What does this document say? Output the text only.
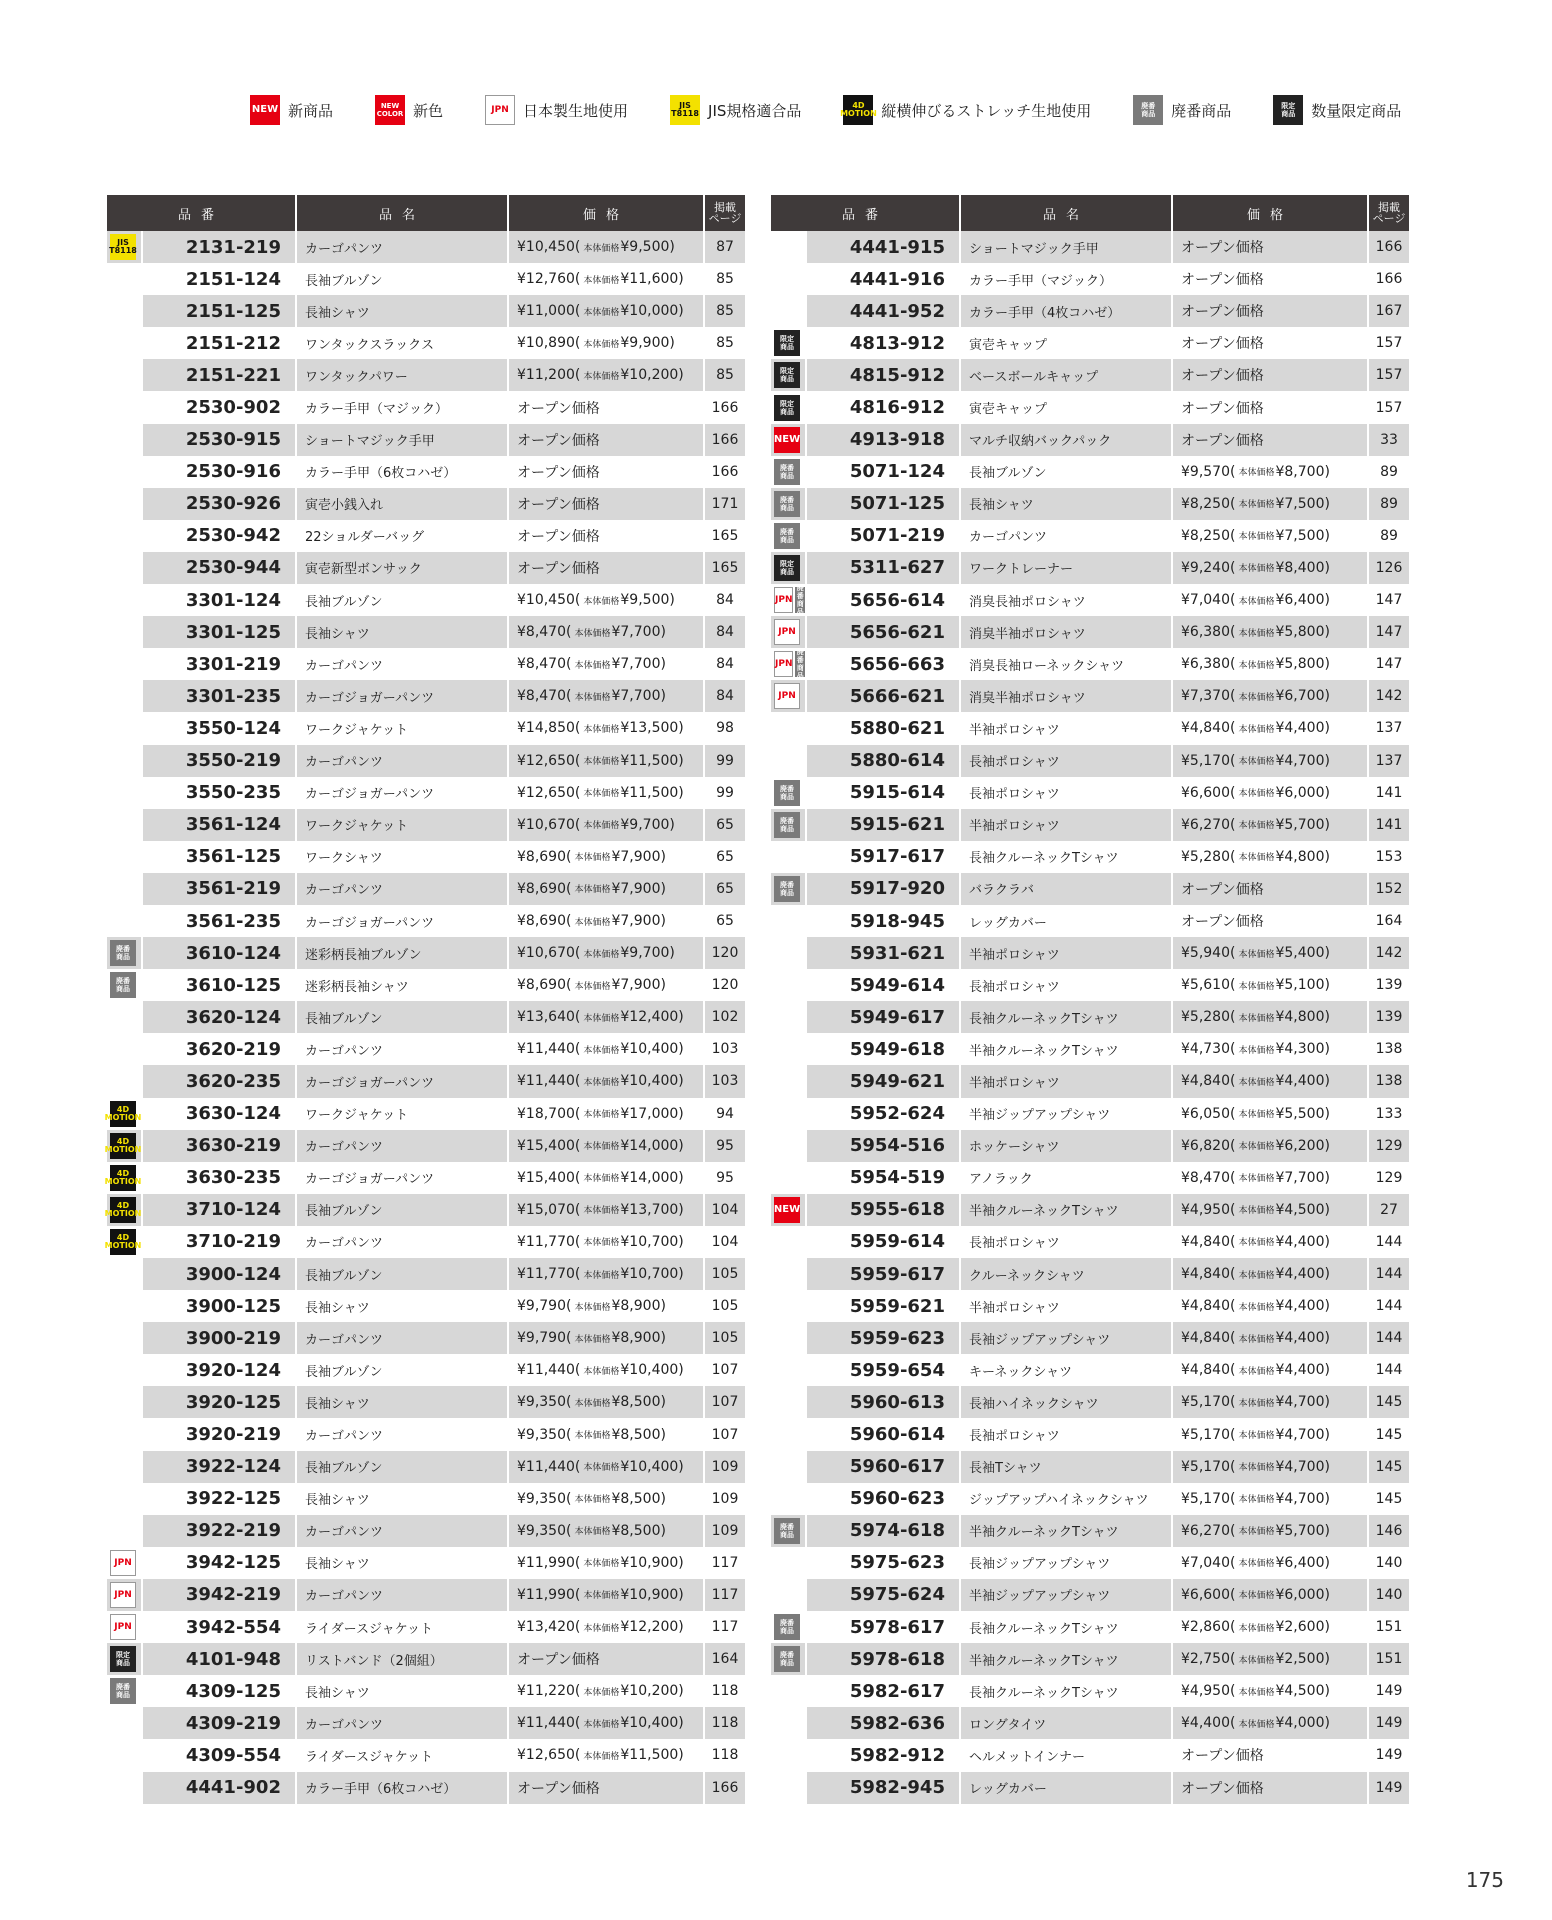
NEW 新商品	NEW
COLOR 新色	JPN 日本製生地使用	JIS
T8118 JIS規格適合品	4D
MOTION 縦横伸びるストレッチ生地使用	廃番
商品	廃番商品	限定
商品	数量限定商品
品番	品名	価格	掲載
ページ
JIS
T8118	2131-219	カーゴパンツ	¥10,450 ( 本体価格 ¥9,500 )	87
2151-124	長袖ブルゾン	¥12,760 ( 本体価格 ¥11,600 )	85
2151-125	長袖シャツ	¥11,000 ( 本体価格 ¥10,000 )	85
2151-212	ワンタックスラックス	¥10,890 ( 本体価格 ¥9,900 )	85
2151-221	ワンタックパワー	¥11,200 ( 本体価格 ¥10,200 )	85
2530-902	カラー手甲（マジック）	オープン価格	166
2530-915	ショートマジック手甲	オープン価格	166
2530-916	カラー手甲（6枚コハゼ）	オープン価格	166
2530-926	寅壱小銭入れ	オープン価格	171
2530-942	22ショルダーバッグ	オープン価格	165
2530-944	寅壱新型ボンサック	オープン価格	165
3301-124	長袖ブルゾン	¥10,450 ( 本体価格 ¥9,500 )	84
3301-125	長袖シャツ	¥8,470 ( 本体価格 ¥7,700 )	84
3301-219	カーゴパンツ	¥8,470 ( 本体価格 ¥7,700 )	84
3301-235	カーゴジョガーパンツ	¥8,470 ( 本体価格 ¥7,700 )	84
3550-124	ワークジャケット	¥14,850 ( 本体価格 ¥13,500 )	98
3550-219	カーゴパンツ	¥12,650 ( 本体価格 ¥11,500 )	99
3550-235	カーゴジョガーパンツ	¥12,650 ( 本体価格 ¥11,500 )	99
3561-124	ワークジャケット	¥10,670 ( 本体価格 ¥9,700 )	65
3561-125	ワークシャツ	¥8,690 ( 本体価格 ¥7,900 )	65
3561-219	カーゴパンツ	¥8,690 ( 本体価格 ¥7,900 )	65
3561-235	カーゴジョガーパンツ	¥8,690 ( 本体価格 ¥7,900 )	65
廃番
商品	3610-124	迷彩柄長袖ブルゾン	¥10,670 ( 本体価格 ¥9,700 )	120
廃番
商品	3610-125	迷彩柄長袖シャツ	¥8,690 ( 本体価格 ¥7,900 )	120
3620-124	長袖ブルゾン	¥13,640 ( 本体価格 ¥12,400 )	102
3620-219	カーゴパンツ	¥11,440 ( 本体価格 ¥10,400 )	103
3620-235	カーゴジョガーパンツ	¥11,440 ( 本体価格 ¥10,400 )	103
4D
MOTION	3630-124	ワークジャケット	¥18,700 ( 本体価格 ¥17,000 )	94
4D
MOTION	3630-219	カーゴパンツ	¥15,400 ( 本体価格 ¥14,000 )	95
4D
MOTION	3630-235	カーゴジョガーパンツ	¥15,400 ( 本体価格 ¥14,000 )	95
4D
MOTION	3710-124	長袖ブルゾン	¥15,070 ( 本体価格 ¥13,700 )	104
4D
MOTION	3710-219	カーゴパンツ	¥11,770 ( 本体価格 ¥10,700 )	104
3900-124	長袖ブルゾン	¥11,770 ( 本体価格 ¥10,700 )	105
3900-125	長袖シャツ	¥9,790 ( 本体価格 ¥8,900 )	105
3900-219	カーゴパンツ	¥9,790 ( 本体価格 ¥8,900 )	105
3920-124	長袖ブルゾン	¥11,440 ( 本体価格 ¥10,400 )	107
3920-125	長袖シャツ	¥9,350 ( 本体価格 ¥8,500 )	107
3920-219	カーゴパンツ	¥9,350 ( 本体価格 ¥8,500 )	107
3922-124	長袖ブルゾン	¥11,440 ( 本体価格 ¥10,400 )	109
3922-125	長袖シャツ	¥9,350 ( 本体価格 ¥8,500 )	109
3922-219	カーゴパンツ	¥9,350 ( 本体価格 ¥8,500 )	109
JPN	3942-125	長袖シャツ	¥11,990 ( 本体価格 ¥10,900 )	117
JPN	3942-219	カーゴパンツ	¥11,990 ( 本体価格 ¥10,900 )	117
JPN	3942-554	ライダースジャケット	¥13,420 ( 本体価格 ¥12,200 )	117
限定
商品	4101-948	リストバンド（2個組）	オープン価格	164
廃番
商品	4309-125	長袖シャツ	¥11,220 ( 本体価格 ¥10,200 )	118
4309-219	カーゴパンツ	¥11,440 ( 本体価格 ¥10,400 )	118
4309-554	ライダースジャケット	¥12,650 ( 本体価格 ¥11,500 )	118
4441-902	カラー手甲（6枚コハゼ）	オープン価格	166
品番	品名	価格	掲載
ページ
4441-915	ショートマジック手甲	オープン価格	166
4441-916	カラー手甲（マジック）	オープン価格	166
4441-952	カラー手甲（4枚コハゼ）	オープン価格	167
限定
商品	4813-912	寅壱キャップ	オープン価格	157
限定
商品	4815-912	ベースボールキャップ	オープン価格	157
限定
商品	4816-912	寅壱キャップ	オープン価格	157
NEW	4913-918	マルチ収納バックパック	オープン価格	33
廃番
商品	5071-124	長袖ブルゾン	¥9,570 ( 本体価格 ¥8,700 )	89
廃番
商品	5071-125	長袖シャツ	¥8,250 ( 本体価格 ¥7,500 )	89
廃番
商品	5071-219	カーゴパンツ	¥8,250 ( 本体価格 ¥7,500 )	89
限定
商品	5311-627	ワークトレーナー	¥9,240 ( 本体価格 ¥8,400 )	126
JPN
廃番
商品
5656-614	消臭長袖ポロシャツ	¥7,040 ( 本体価格 ¥6,400 )	147
JPN	5656-621	消臭半袖ポロシャツ	¥6,380 ( 本体価格 ¥5,800 )	147
JPN
廃番
商品
5656-663	消臭長袖ローネックシャツ	¥6,380 ( 本体価格 ¥5,800 )	147
JPN	5666-621	消臭半袖ポロシャツ	¥7,370 ( 本体価格 ¥6,700 )	142
5880-621	半袖ポロシャツ	¥4,840 ( 本体価格 ¥4,400 )	137
5880-614	長袖ポロシャツ	¥5,170 ( 本体価格 ¥4,700 )	137
廃番
商品	5915-614	長袖ポロシャツ	¥6,600 ( 本体価格 ¥6,000 )	141
廃番
商品	5915-621	半袖ポロシャツ	¥6,270 ( 本体価格 ¥5,700 )	141
5917-617	長袖クルーネックTシャツ	¥5,280 ( 本体価格 ¥4,800 )	153
廃番
商品	5917-920	バラクラバ	オープン価格	152
5918-945	レッグカバー	オープン価格	164
5931-621	半袖ポロシャツ	¥5,940 ( 本体価格 ¥5,400 )	142
5949-614	長袖ポロシャツ	¥5,610 ( 本体価格 ¥5,100 )	139
5949-617	長袖クルーネックTシャツ	¥5,280 ( 本体価格 ¥4,800 )	139
5949-618	半袖クルーネックTシャツ	¥4,730 ( 本体価格 ¥4,300 )	138
5949-621	半袖ポロシャツ	¥4,840 ( 本体価格 ¥4,400 )	138
5952-624	半袖ジップアップシャツ	¥6,050 ( 本体価格 ¥5,500 )	133
5954-516	ホッケーシャツ	¥6,820 ( 本体価格 ¥6,200 )	129
5954-519	アノラック	¥8,470 ( 本体価格 ¥7,700 )	129
NEW	5955-618	半袖クルーネックTシャツ	¥4,950 ( 本体価格 ¥4,500 )	27
5959-614	長袖ポロシャツ	¥4,840 ( 本体価格 ¥4,400 )	144
5959-617	クルーネックシャツ	¥4,840 ( 本体価格 ¥4,400 )	144
5959-621	半袖ポロシャツ	¥4,840 ( 本体価格 ¥4,400 )	144
5959-623	長袖ジップアップシャツ	¥4,840 ( 本体価格 ¥4,400 )	144
5959-654	キーネックシャツ	¥4,840 ( 本体価格 ¥4,400 )	144
5960-613	長袖ハイネックシャツ	¥5,170 ( 本体価格 ¥4,700 )	145
5960-614	長袖ポロシャツ	¥5,170 ( 本体価格 ¥4,700 )	145
5960-617	長袖Tシャツ	¥5,170 ( 本体価格 ¥4,700 )	145
5960-623	ジップアップハイネックシャツ	¥5,170 ( 本体価格 ¥4,700 )	145
廃番
商品	5974-618	半袖クルーネックTシャツ	¥6,270 ( 本体価格 ¥5,700 )	146
5975-623	長袖ジップアップシャツ	¥7,040 ( 本体価格 ¥6,400 )	140
5975-624	半袖ジップアップシャツ	¥6,600 ( 本体価格 ¥6,000 )	140
廃番
商品	5978-617	長袖クルーネックTシャツ	¥2,860 ( 本体価格 ¥2,600 )	151
廃番
商品	5978-618	半袖クルーネックTシャツ	¥2,750 ( 本体価格 ¥2,500 )	151
5982-617	長袖クルーネックTシャツ	¥4,950 ( 本体価格 ¥4,500 )	149
5982-636	ロングタイツ	¥4,400 ( 本体価格 ¥4,000 )	149
5982-912	ヘルメットインナー	オープン価格	149
5982-945	レッグカバー	オープン価格	149
175
